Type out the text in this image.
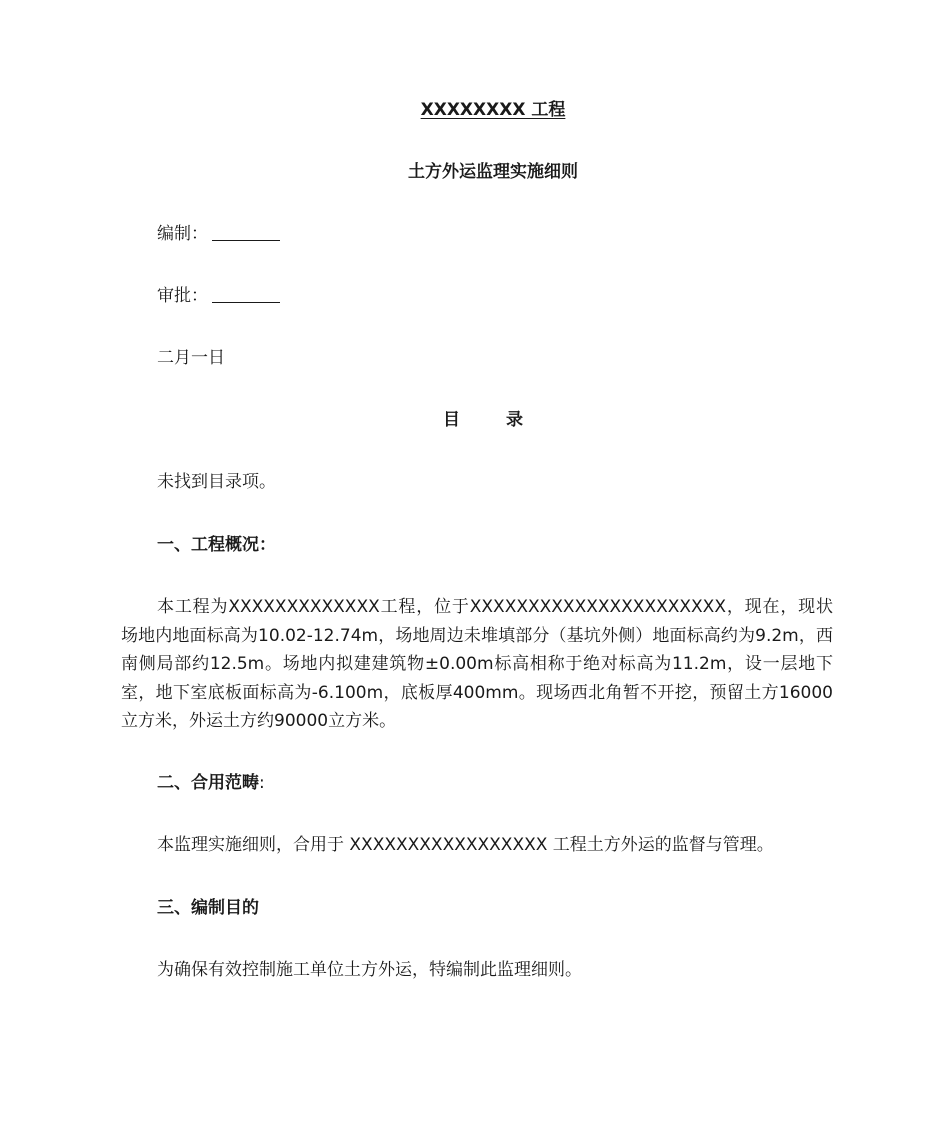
XXXXXXXX 工程
土方外运监理实施细则
编制：
审批：
二月一日
目 录
未找到目录项。
一、工程概况：
本工程为XXXXXXXXXXXXX工程，位于XXXXXXXXXXXXXXXXXXXXXX，现在，现状场地内地面标高为10.02-12.74m，场地周边未堆填部分（基坑外侧）地面标高约为9.2m，西南侧局部约12.5m。场地内拟建建筑物±0.00m标高相称于绝对标高为11.2m，设一层地下室，地下室底板面标高为-6.100m，底板厚400mm。现场西北角暂不开挖，预留土方16000立方米，外运土方约90000立方米。
二、合用范畴:
本监理实施细则，合用于 XXXXXXXXXXXXXXXXX 工程土方外运的监督与管理。
三、编制目的
为确保有效控制施工单位土方外运，特编制此监理细则。
